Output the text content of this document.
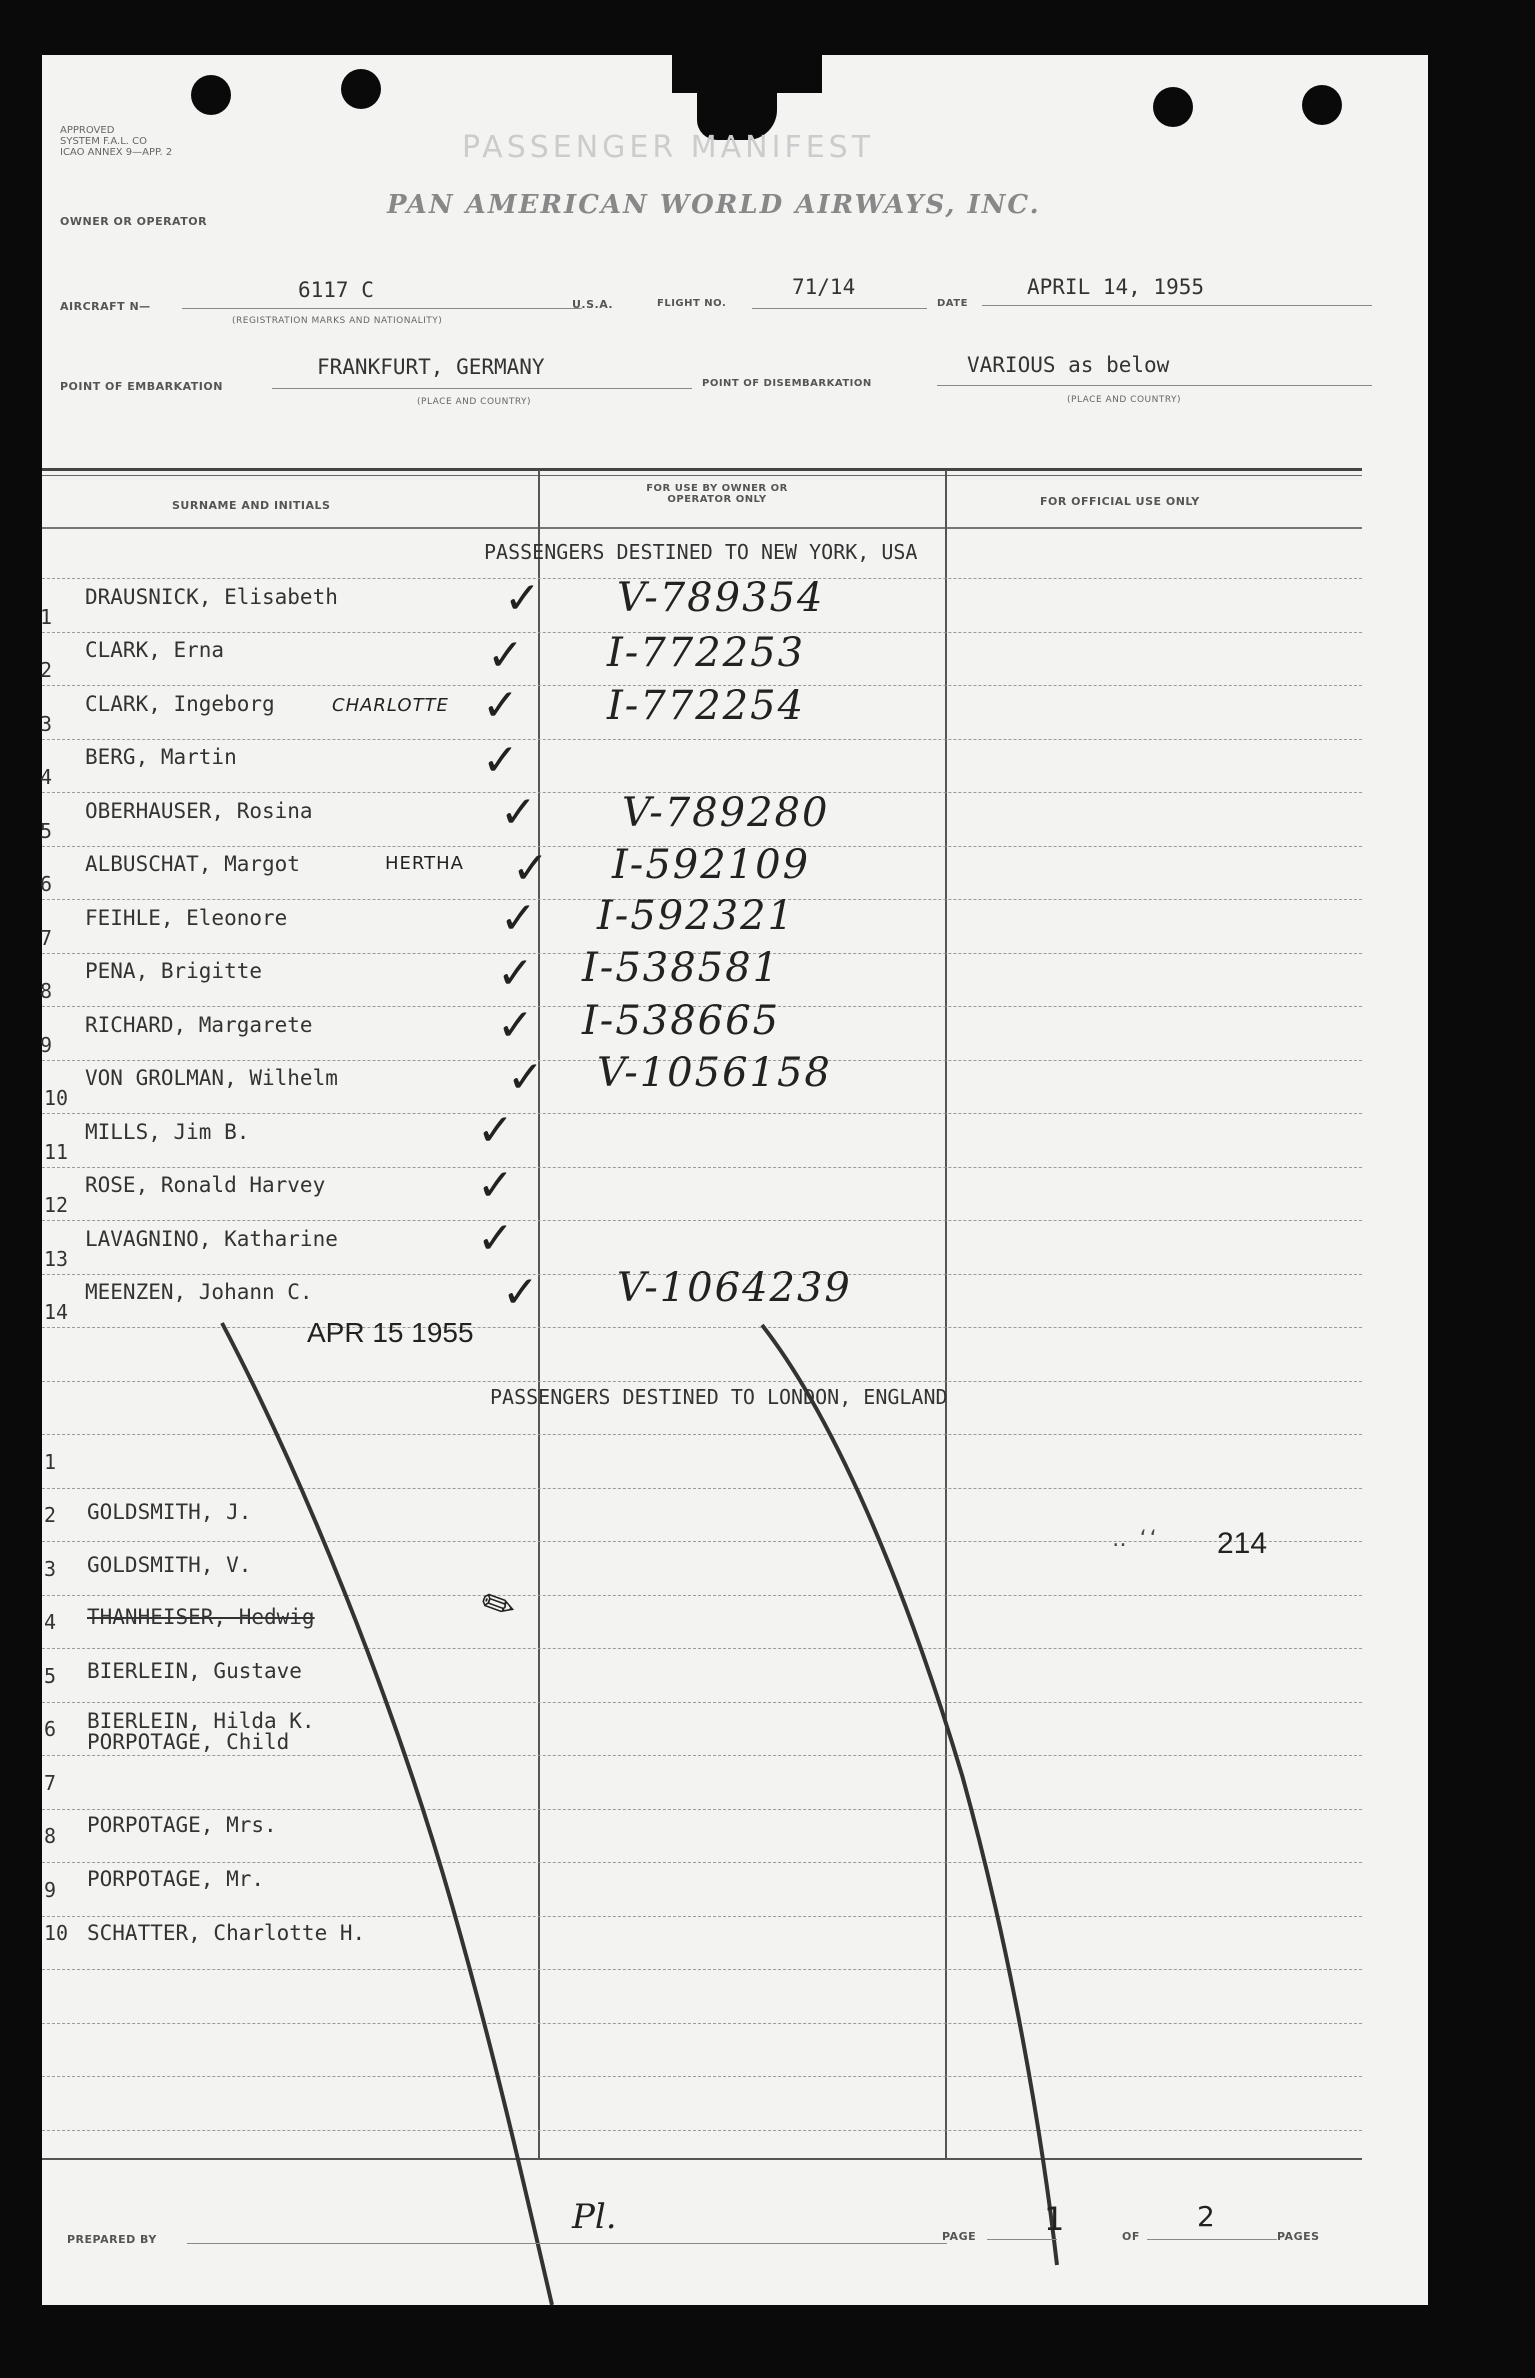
APPROVED
SYSTEM F.A.L. CO
ICAO ANNEX 9—APP. 2	PASSENGER MANIFEST
PAN AMERICAN WORLD AIRWAYS, INC.
OWNER OR OPERATOR
AIRCRAFT N—
6117 C
(REGISTRATION MARKS AND NATIONALITY)
U.S.A.	FLIGHT NO.
71/14
DATE
APRIL 14, 1955
POINT OF EMBARKATION
FRANKFURT, GERMANY
(PLACE AND COUNTRY)
POINT OF DISEMBARKATION
VARIOUS as below
(PLACE AND COUNTRY)
SURNAME AND INITIALS
FOR USE BY OWNER OR OPERATOR ONLY	FOR OFFICIAL USE ONLY
PASSENGERS DESTINED TO NEW YORK, USA
1
DRAUSNICK, Elisabeth	✓ V-789354
2
CLARK, Erna	✓ I-772253
3
CLARK, Ingeborg	CHARLOTTE ✓ I-772254
4
BERG, Martin	✓
5
OBERHAUSER, Rosina	✓ V-789280
6
ALBUSCHAT, Margot	HERTHA ✓ I-592109
7
FEIHLE, Eleonore	✓ I-592321
8
PENA, Brigitte	✓ I-538581
9
RICHARD, Margarete	✓ I-538665
10
VON GROLMAN, Wilhelm	✓ V-1056158
11
MILLS, Jim B.	✓
12
ROSE, Ronald Harvey	✓
13
LAVAGNINO, Katharine	✓
14
MEENZEN, Johann C.	✓ V-1064239
APR 15 1955
PASSENGERS DESTINED TO LONDON, ENGLAND
1
2 GOLDSMITH, J.
3 GOLDSMITH, V.
4 THANHEISER, Hedwig	✎
5 BIERLEIN, Gustave
6 BIERLEIN, Hilda K.
7
PORPOTAGE, Child
8 PORPOTAGE, Mrs.
9 PORPOTAGE, Mr.
10 SCHATTER, Charlotte H.
214
‥ ‘‘
PREPARED BY
Pl.	PAGE 1	OF
2
PAGES
